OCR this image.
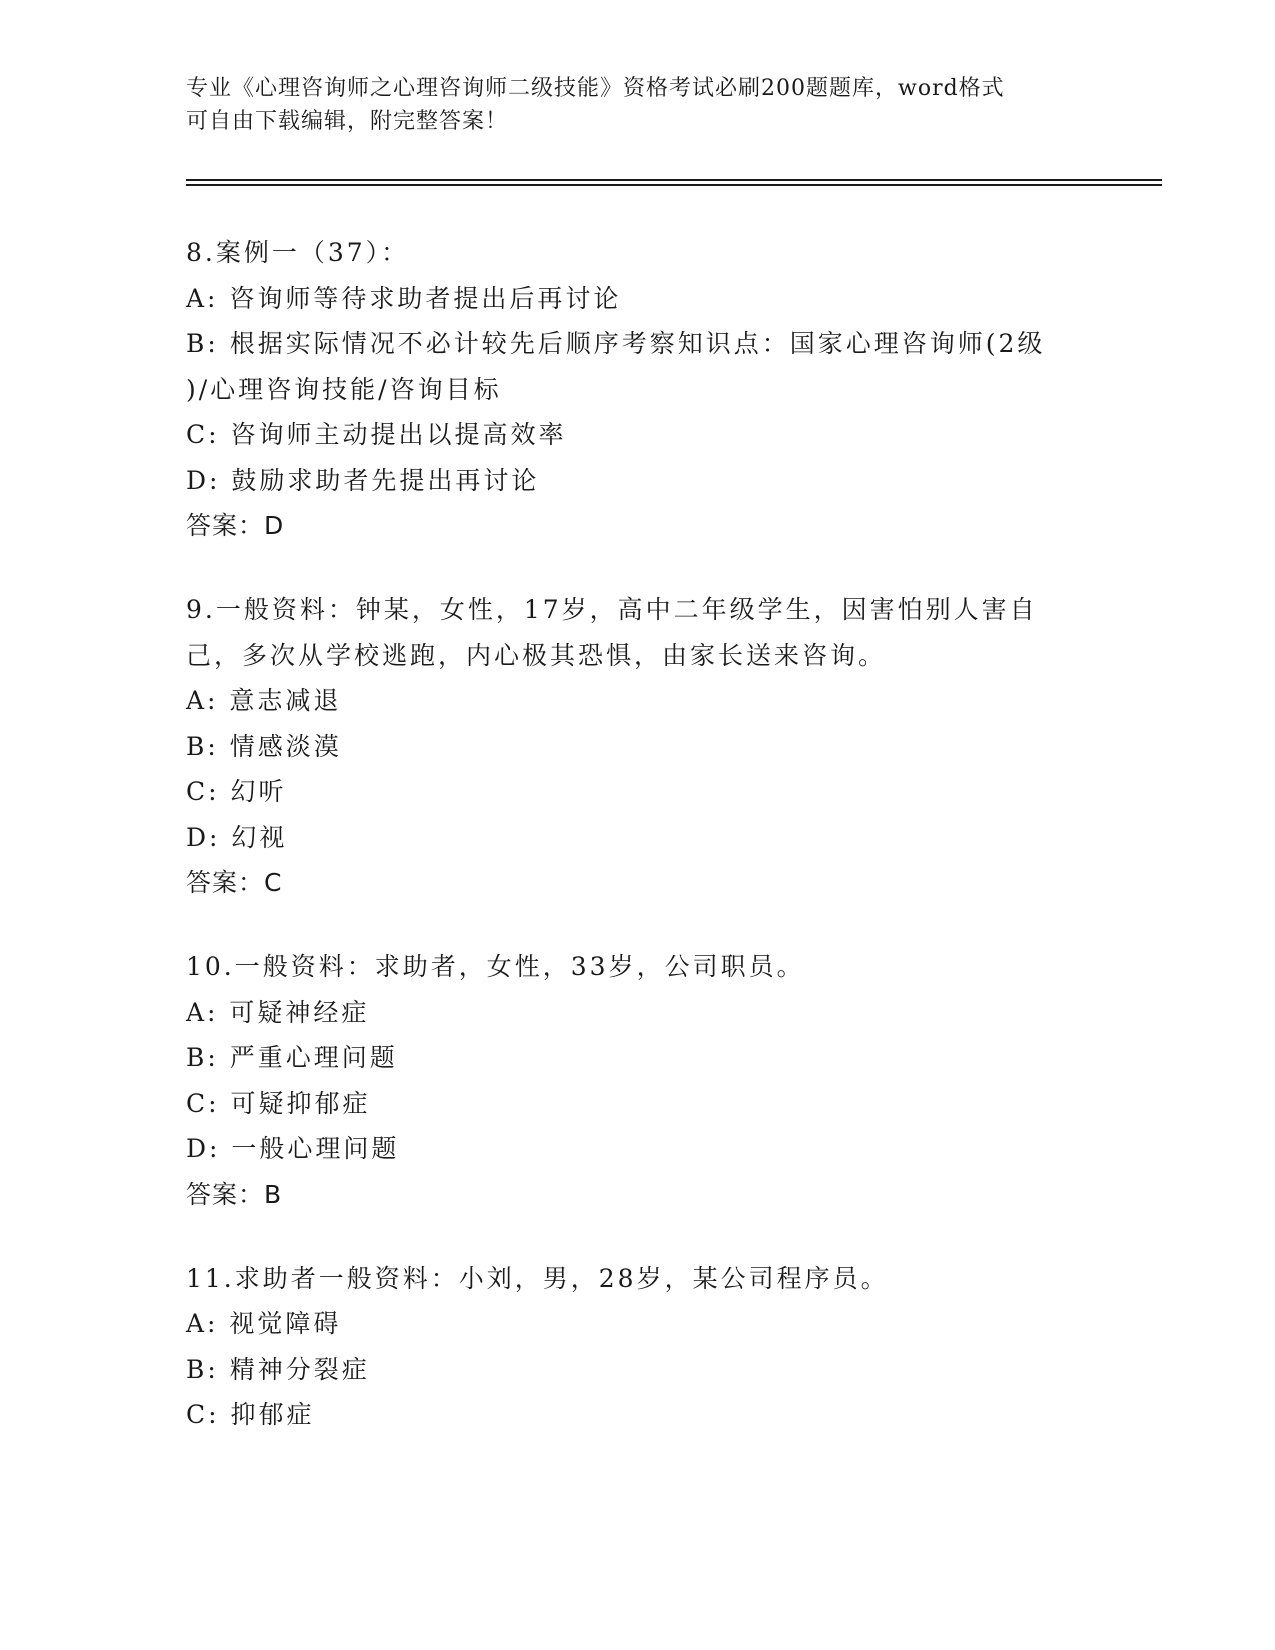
专业《心理咨询师之心理咨询师二级技能》资格考试必刷200题题库，word格式
可自由下载编辑，附完整答案！
8.案例一（37）：
A: 咨询师等待求助者提出后再讨论
B: 根据实际情况不必计较先后顺序考察知识点：国家心理咨询师(2级
)/心理咨询技能/咨询目标
C: 咨询师主动提出以提高效率
D: 鼓励求助者先提出再讨论
答案：D
9.一般资料：钟某，女性，17岁，高中二年级学生，因害怕别人害自
己，多次从学校逃跑，内心极其恐惧，由家长送来咨询。
A: 意志减退
B: 情感淡漠
C: 幻听
D: 幻视
答案：C
10.一般资料：求助者，女性，33岁，公司职员。
A: 可疑神经症
B: 严重心理问题
C: 可疑抑郁症
D: 一般心理问题
答案：B
11.求助者一般资料：小刘，男，28岁，某公司程序员。
A: 视觉障碍
B: 精神分裂症
C: 抑郁症
